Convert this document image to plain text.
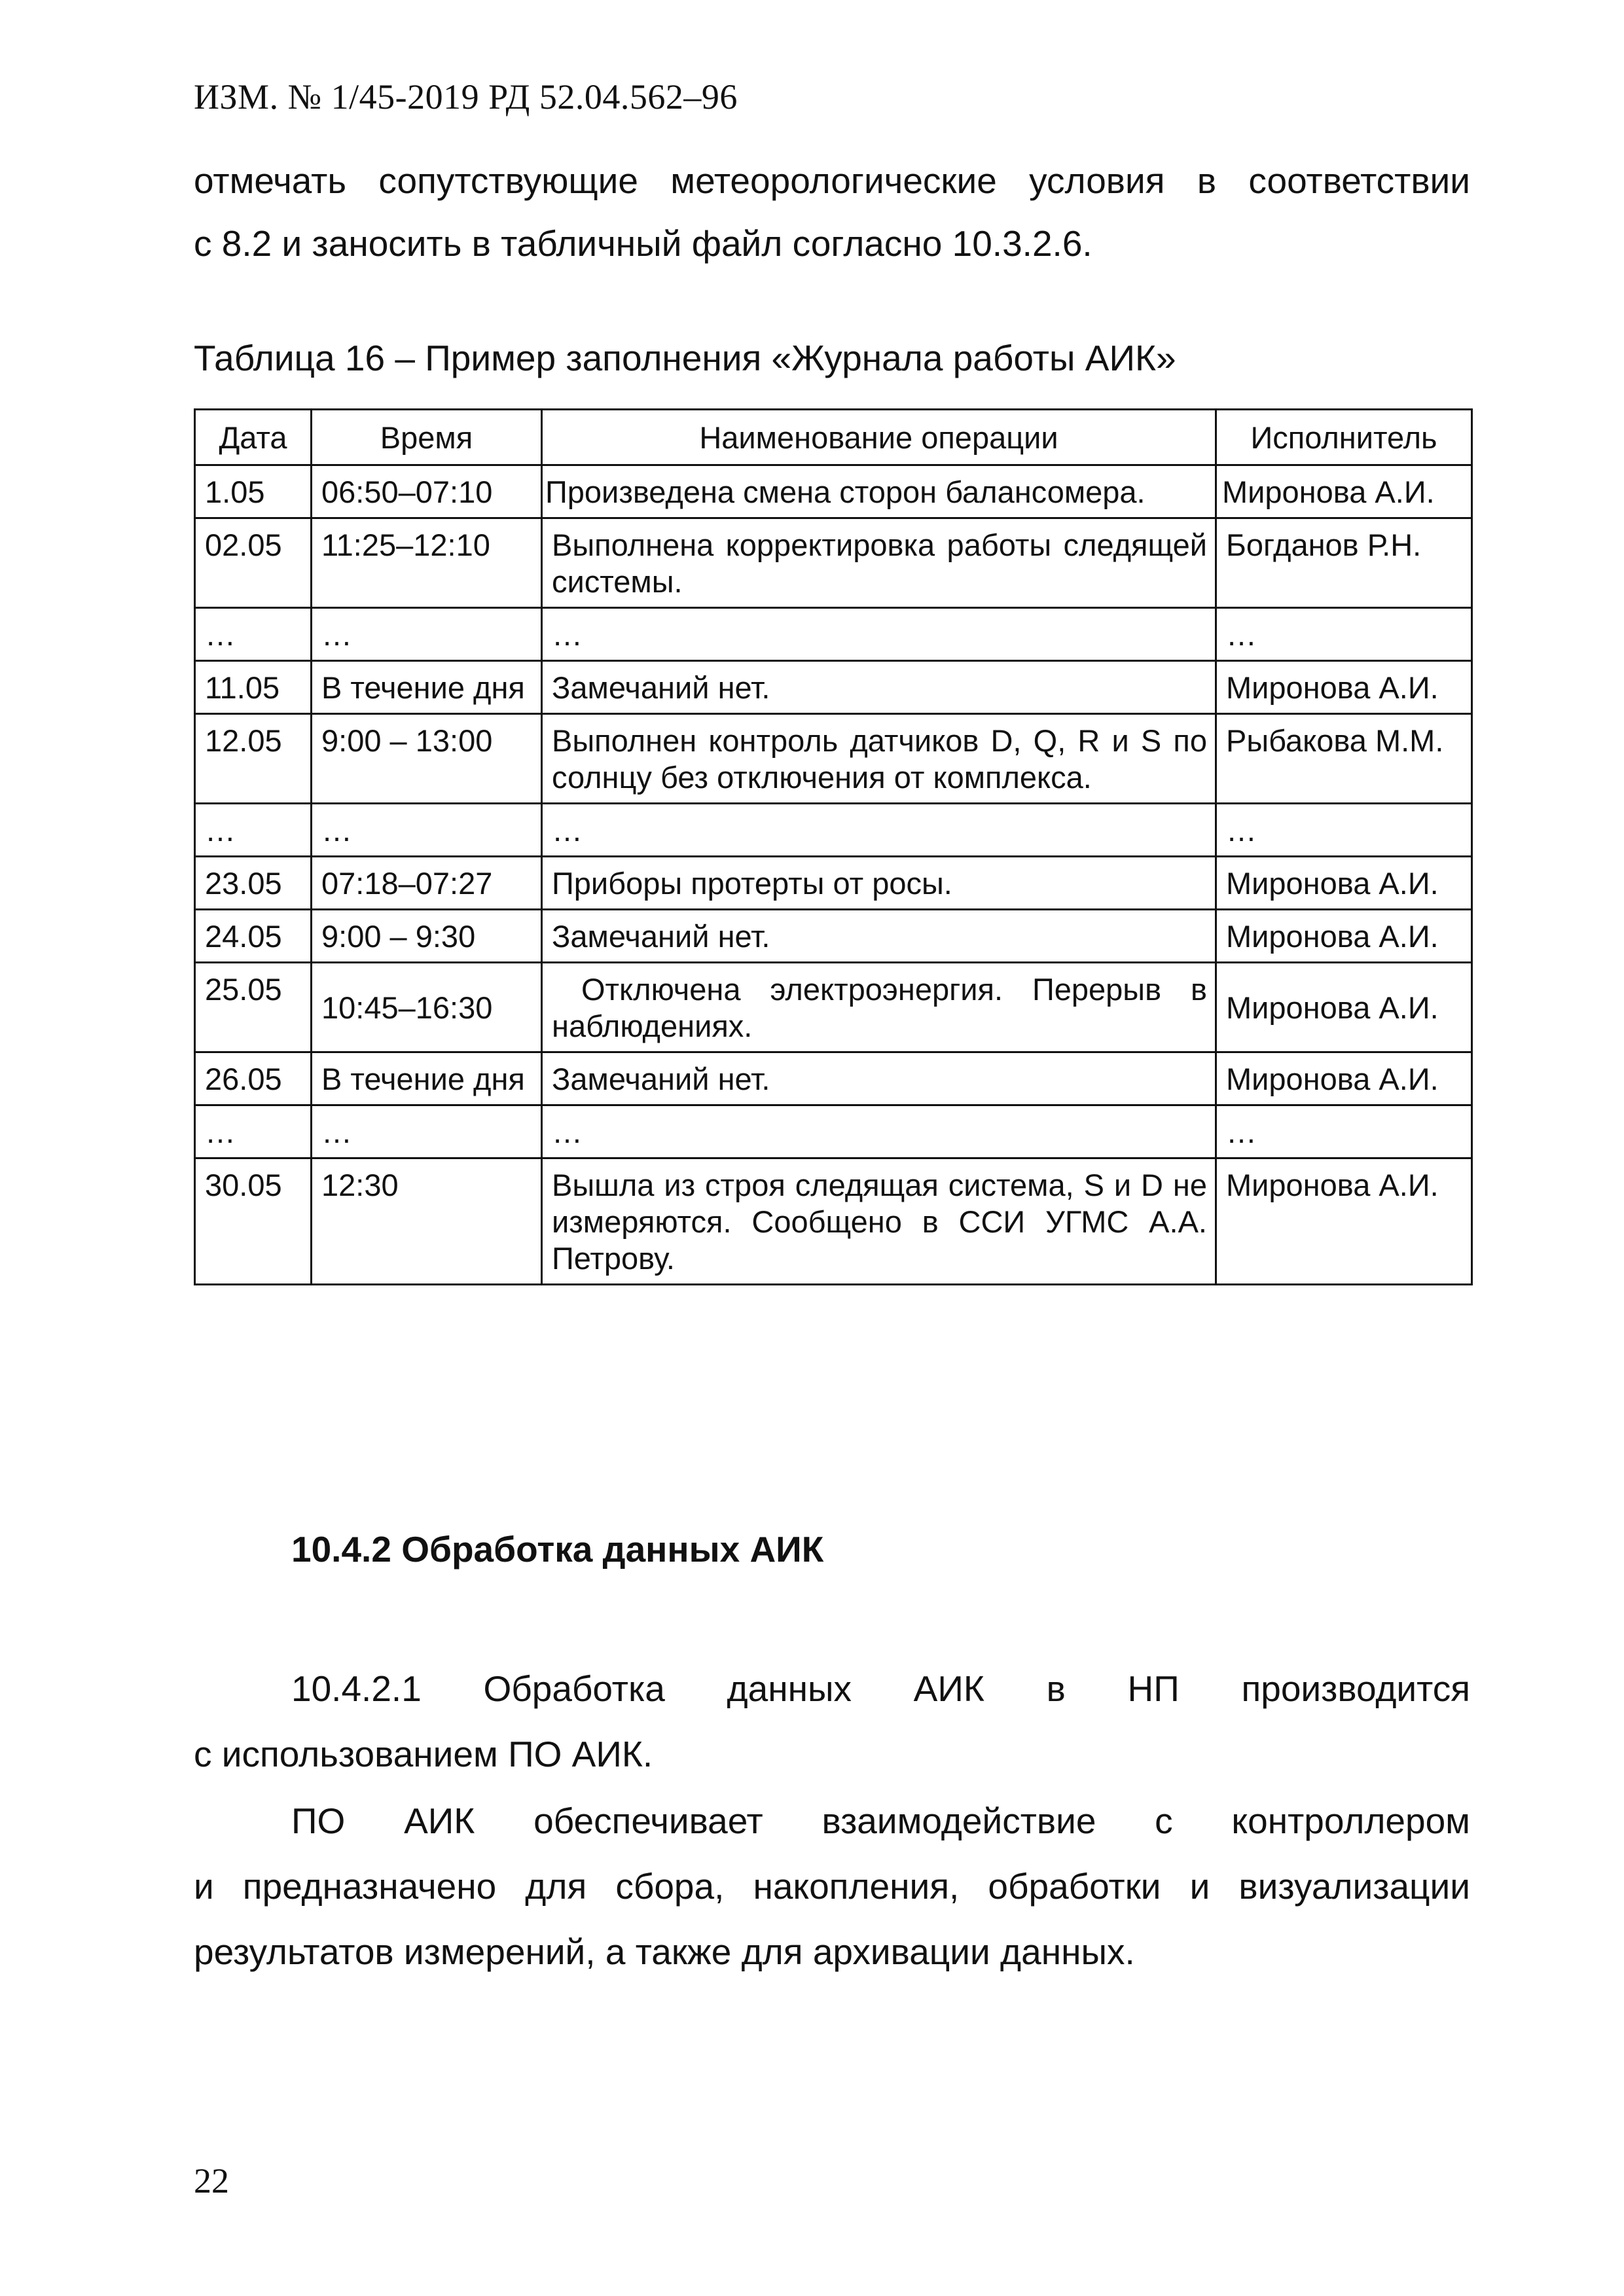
ИЗМ. № 1/45-2019 РД 52.04.562–96
отмечать сопутствующие метеорологические условия в соответствии
с 8.2 и заносить в табличный файл согласно 10.3.2.6.
Таблица 16 – Пример заполнения «Журнала работы АИК»
Дата	Время	Наименование операции	Исполнитель
1.05	06:50–07:10	Произведена смена сторон балансомера.	Миронова А.И.
02.05	11:25–12:10	Выполнена корректировка работы следящей системы.	Богданов Р.Н.
…	…	…	…
11.05	В течение дня	Замечаний нет.	Миронова А.И.
12.05	9:00 – 13:00	Выполнен контроль датчиков D, Q, R и S по солнцу без отключения от комплекса.	Рыбакова М.М.
…	…	…	…
23.05	07:18–07:27	Приборы протерты от росы.	Миронова А.И.
24.05	9:00 – 9:30	Замечаний нет.	Миронова А.И.
25.05	10:45–16:30	Отключена электроэнергия. Перерыв в наблюдениях.	Миронова А.И.
26.05	В течение дня	Замечаний нет.	Миронова А.И.
…	…	…	…
30.05	12:30	Вышла из строя следящая система, S и D не измеряются. Сообщено в ССИ УГМС А.А. Петрову.	Миронова А.И.
10.4.2 Обработка данных АИК
10.4.2.1 Обработка данных АИК в НП производится
с использованием ПО АИК.
ПО АИК обеспечивает взаимодействие с контроллером
и предназначено для сбора, накопления, обработки и визуализации
результатов измерений, а также для архивации данных.
22
